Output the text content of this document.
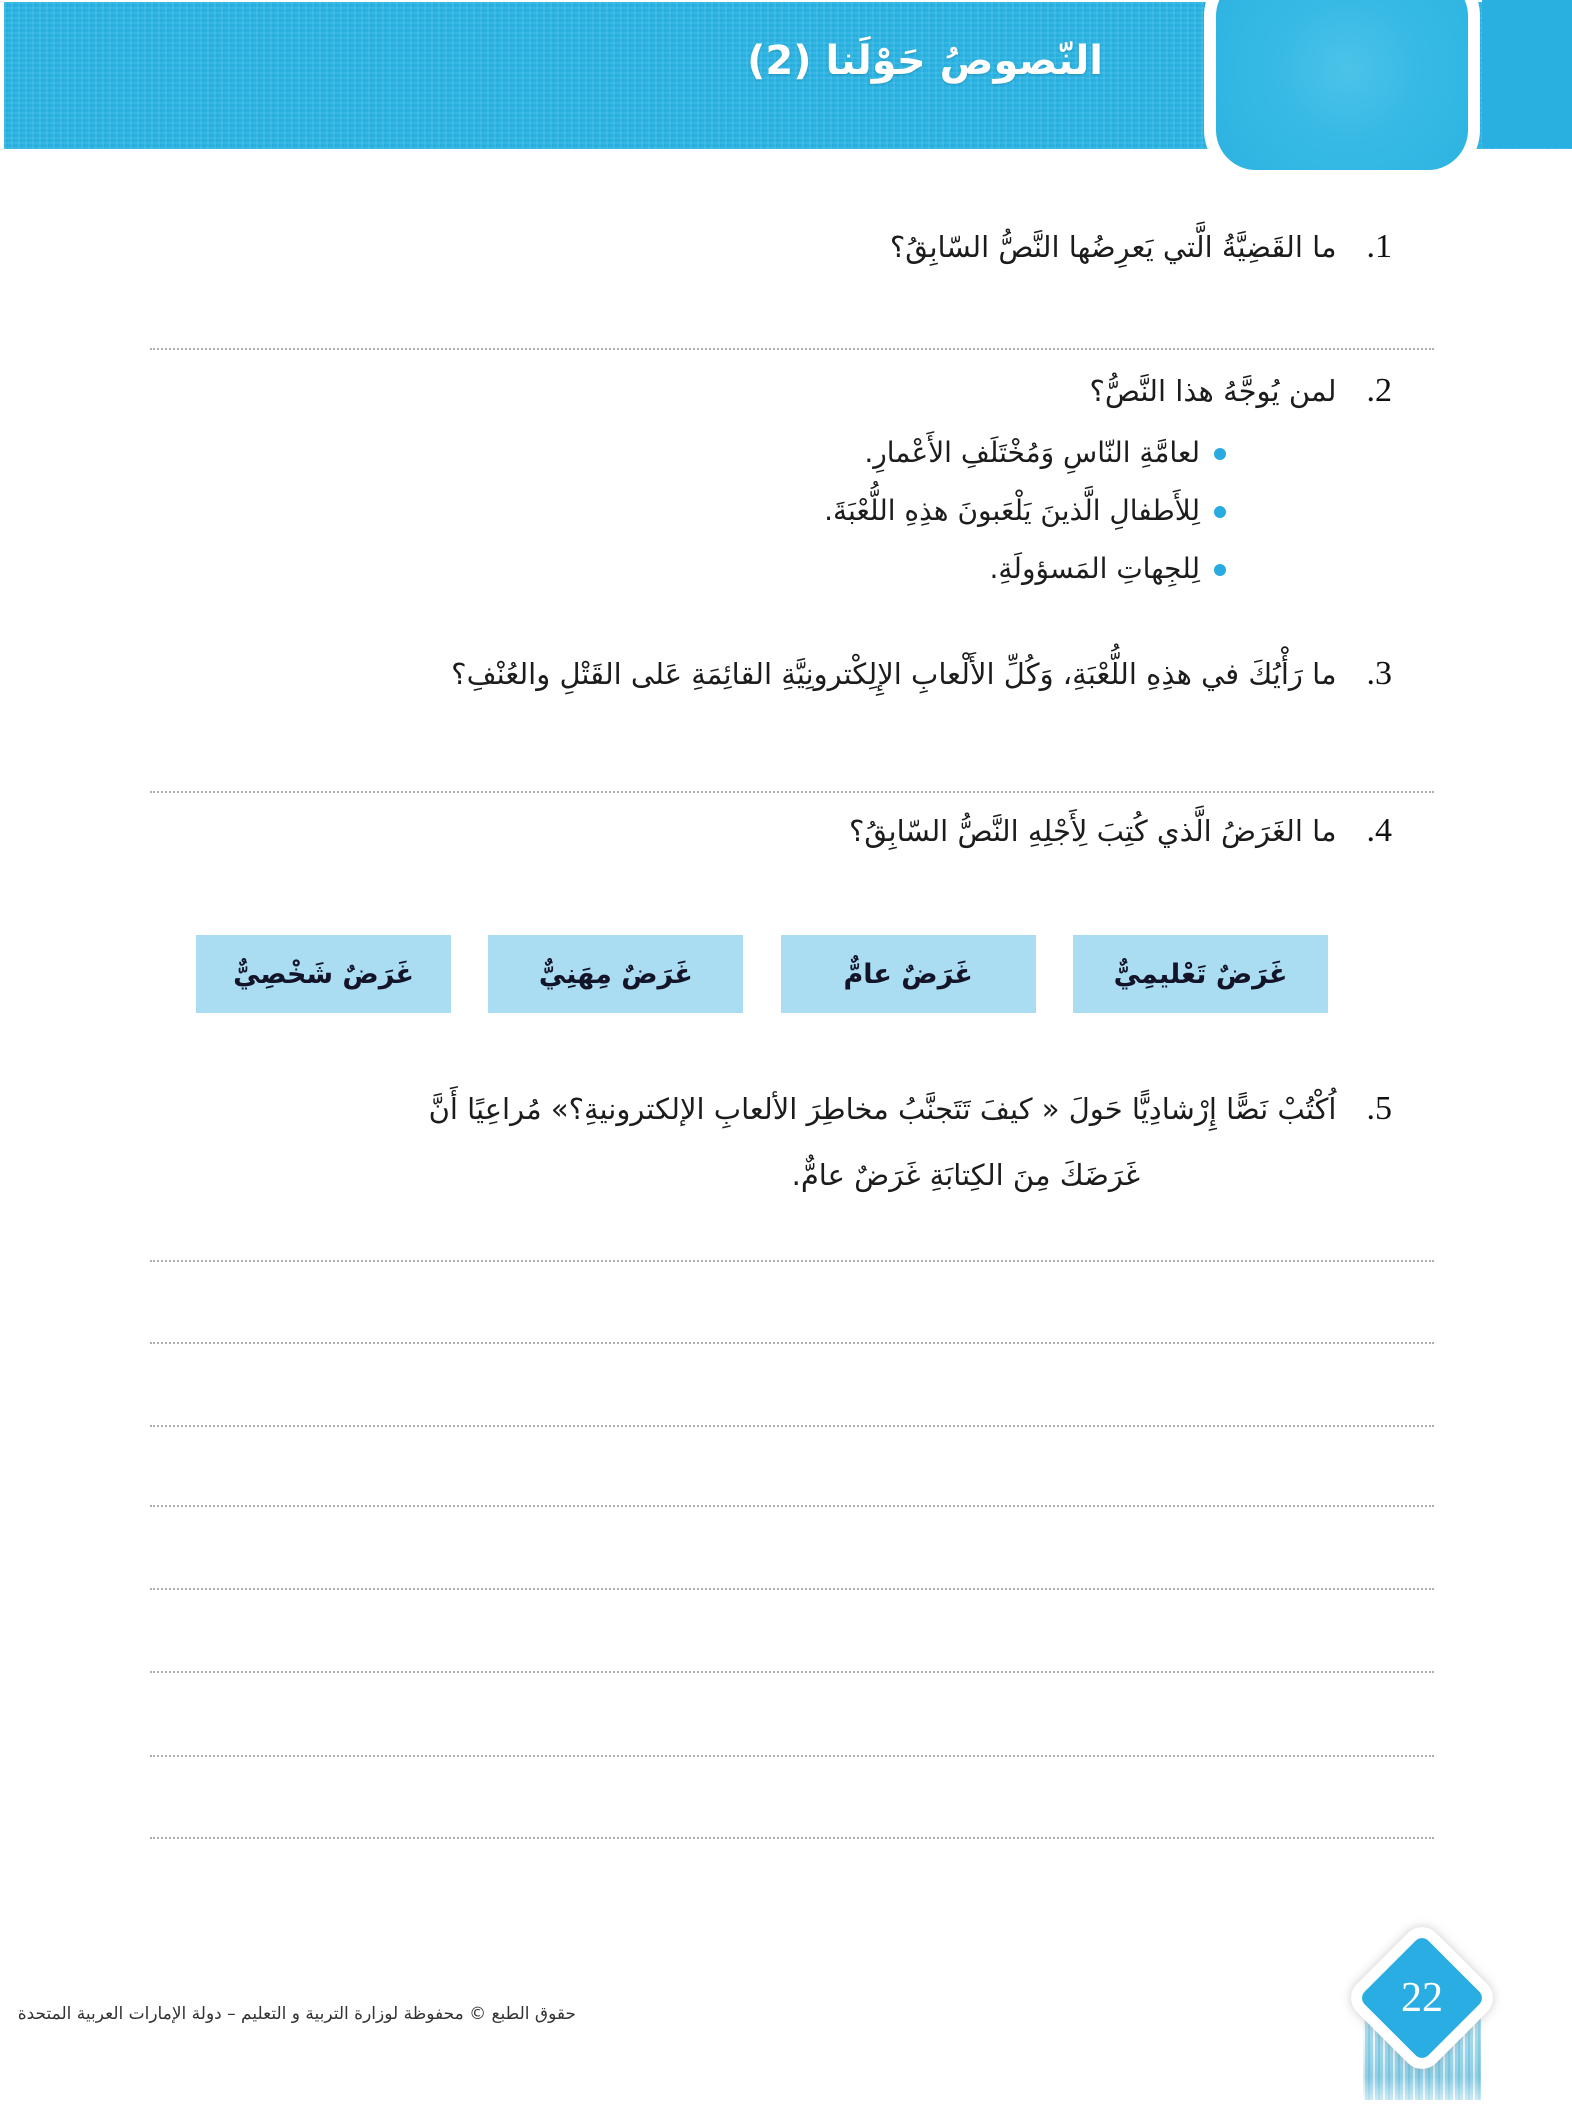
النّصوصُ حَوْلَنا (2)
1.ما القَضِيَّةُ الَّتي يَعرِضُها النَّصُّ السّابِقُ؟
2.لمن يُوجَّهُ هذا النَّصُّ؟
لعامَّةِ النّاسِ وَمُخْتَلَفِ الأَعْمارِ.
لِلأَطفالِ الَّذينَ يَلْعَبونَ هذِهِ اللُّعْبَةَ.
لِلجِهاتِ المَسؤولَةِ.
3.ما رَأْيُكَ في هذِهِ اللُّعْبَةِ، وَكُلِّ الأَلْعابِ الإِلِكْترونِيَّةِ القائِمَةِ عَلى القَتْلِ والعُنْفِ؟
4.ما الغَرَضُ الَّذي كُتِبَ لِأَجْلِهِ النَّصُّ السّابِقُ؟
غَرَضٌ تَعْليمِيٌّ
غَرَضٌ عامٌّ
غَرَضٌ مِهَنِيٌّ
غَرَضٌ شَخْصِيٌّ
5.اُكْتُبْ نَصًّا إِرْشادِيًّا حَولَ « كيفَ تَتَجنَّبُ مخاطِرَ الألعابِ الإلكترونيةِ؟» مُراعِيًا أَنَّ
غَرَضَكَ مِنَ الكِتابَةِ غَرَضٌ عامٌّ.
حقوق الطبع © محفوظة لوزارة التربية و التعليم – دولة الإمارات العربية المتحدة	22
